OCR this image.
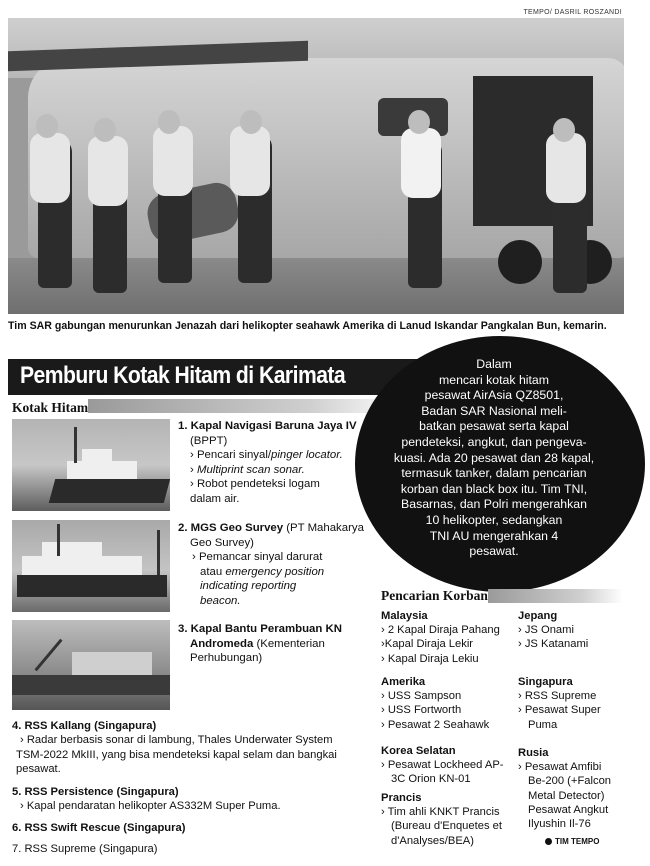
TEMPO/ DASRIL ROSZANDI
Tim SAR gabungan menurunkan Jenazah dari helikopter seahawk Amerika di Lanud Iskandar Pangkalan Bun, kemarin.
Pemburu Kotak Hitam di Karimata
Kotak Hitam
Dalam
mencari kotak hitam
pesawat AirAsia QZ8501,
Badan SAR Nasional meli-
batkan pesawat serta kapal
pendeteksi, angkut, dan pengeva-
kuasi. Ada 20 pesawat dan 28 kapal,
termasuk tanker, dalam pencarian
korban dan black box itu. Tim TNI,
Basarnas, dan Polri mengerahkan
10 helikopter, sedangkan
TNI AU mengerahkan 4
pesawat.
1. Kapal Navigasi Baruna Jaya IV
(BPPT)
› Pencari sinyal/pinger locator.
› Multiprint scan sonar.
› Robot pendeteksi logam
dalam air.
2. MGS Geo Survey (PT Mahakarya
Geo Survey)
› Pemancar sinyal darurat
atau emergency position
indicating reporting
beacon.
3. Kapal Bantu Perambuan KN
Andromeda (Kementerian
Perhubungan)
4. RSS Kallang (Singapura)
› Radar berbasis sonar di lambung, Thales Underwater System
TSM-2022 MkIII, yang bisa mendeteksi kapal selam dan bangkai
pesawat.
5. RSS Persistence (Singapura)
› Kapal pendaratan helikopter AS332M Super Puma.
6. RSS Swift Rescue (Singapura)
7. RSS Supreme (Singapura)
Pencarian Korban
Malaysia
› 2 Kapal Diraja Pahang
›Kapal Diraja Lekir
› Kapal Diraja Lekiu
Amerika
› USS Sampson
› USS Fortworth
› Pesawat 2 Seahawk
Korea Selatan
› Pesawat Lockheed AP-
3C Orion KN-01
Prancis
› Tim ahli KNKT Prancis
(Bureau d'Enquetes et
d'Analyses/BEA)
Jepang
› JS Onami
› JS Katanami
Singapura
› RSS Supreme
› Pesawat Super
Puma
Rusia
› Pesawat Amfibi
Be-200 (+Falcon
Metal Detector)
Pesawat Angkut
Ilyushin Il-76
TIM TEMPO
